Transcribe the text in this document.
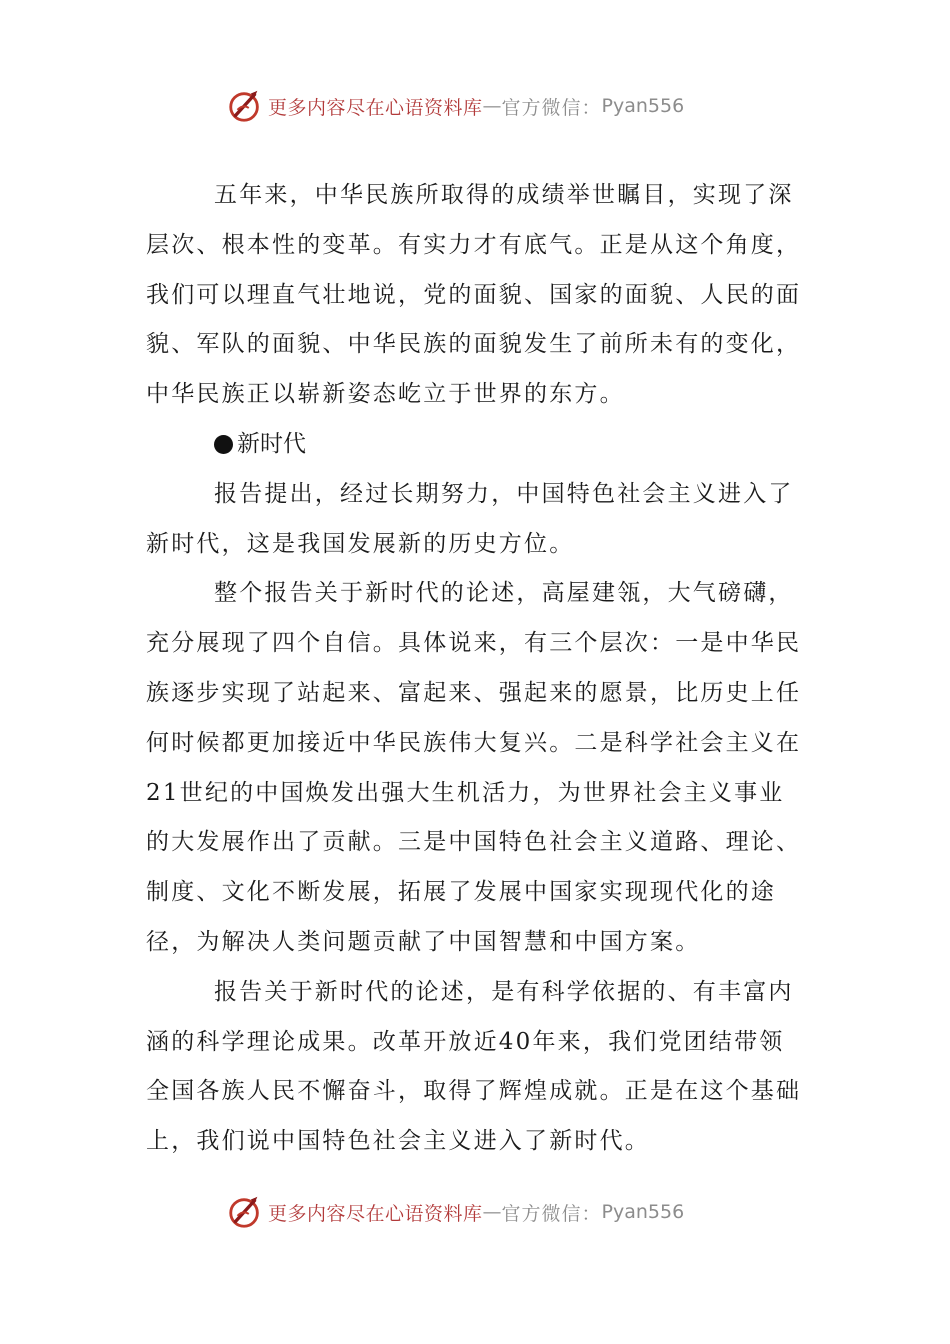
更多内容尽在心语资料库 — 官方微信： Pyan556

五年来，中华民族所取得的成绩举世瞩目，实现了深层次、根本性的变革。有实力才有底气。正是从这个角度，我们可以理直气壮地说，党的面貌、国家的面貌、人民的面貌、军队的面貌、中华民族的面貌发生了前所未有的变化，中华民族正以崭新姿态屹立于世界的东方。

新时代

报告提出，经过长期努力，中国特色社会主义进入了新时代，这是我国发展新的历史方位。

整个报告关于新时代的论述，高屋建瓴，大气磅礴，充分展现了四个自信。具体说来，有三个层次：一是中华民族逐步实现了站起来、富起来、强起来的愿景，比历史上任何时候都更加接近中华民族伟大复兴。二是科学社会主义在21世纪的中国焕发出强大生机活力，为世界社会主义事业的大发展作出了贡献。三是中国特色社会主义道路、理论、制度、文化不断发展，拓展了发展中国家实现现代化的途径，为解决人类问题贡献了中国智慧和中国方案。

报告关于新时代的论述，是有科学依据的、有丰富内涵的科学理论成果。改革开放近40年来，我们党团结带领全国各族人民不懈奋斗，取得了辉煌成就。正是在这个基础上，我们说中国特色社会主义进入了新时代。

更多内容尽在心语资料库 — 官方微信： Pyan556
